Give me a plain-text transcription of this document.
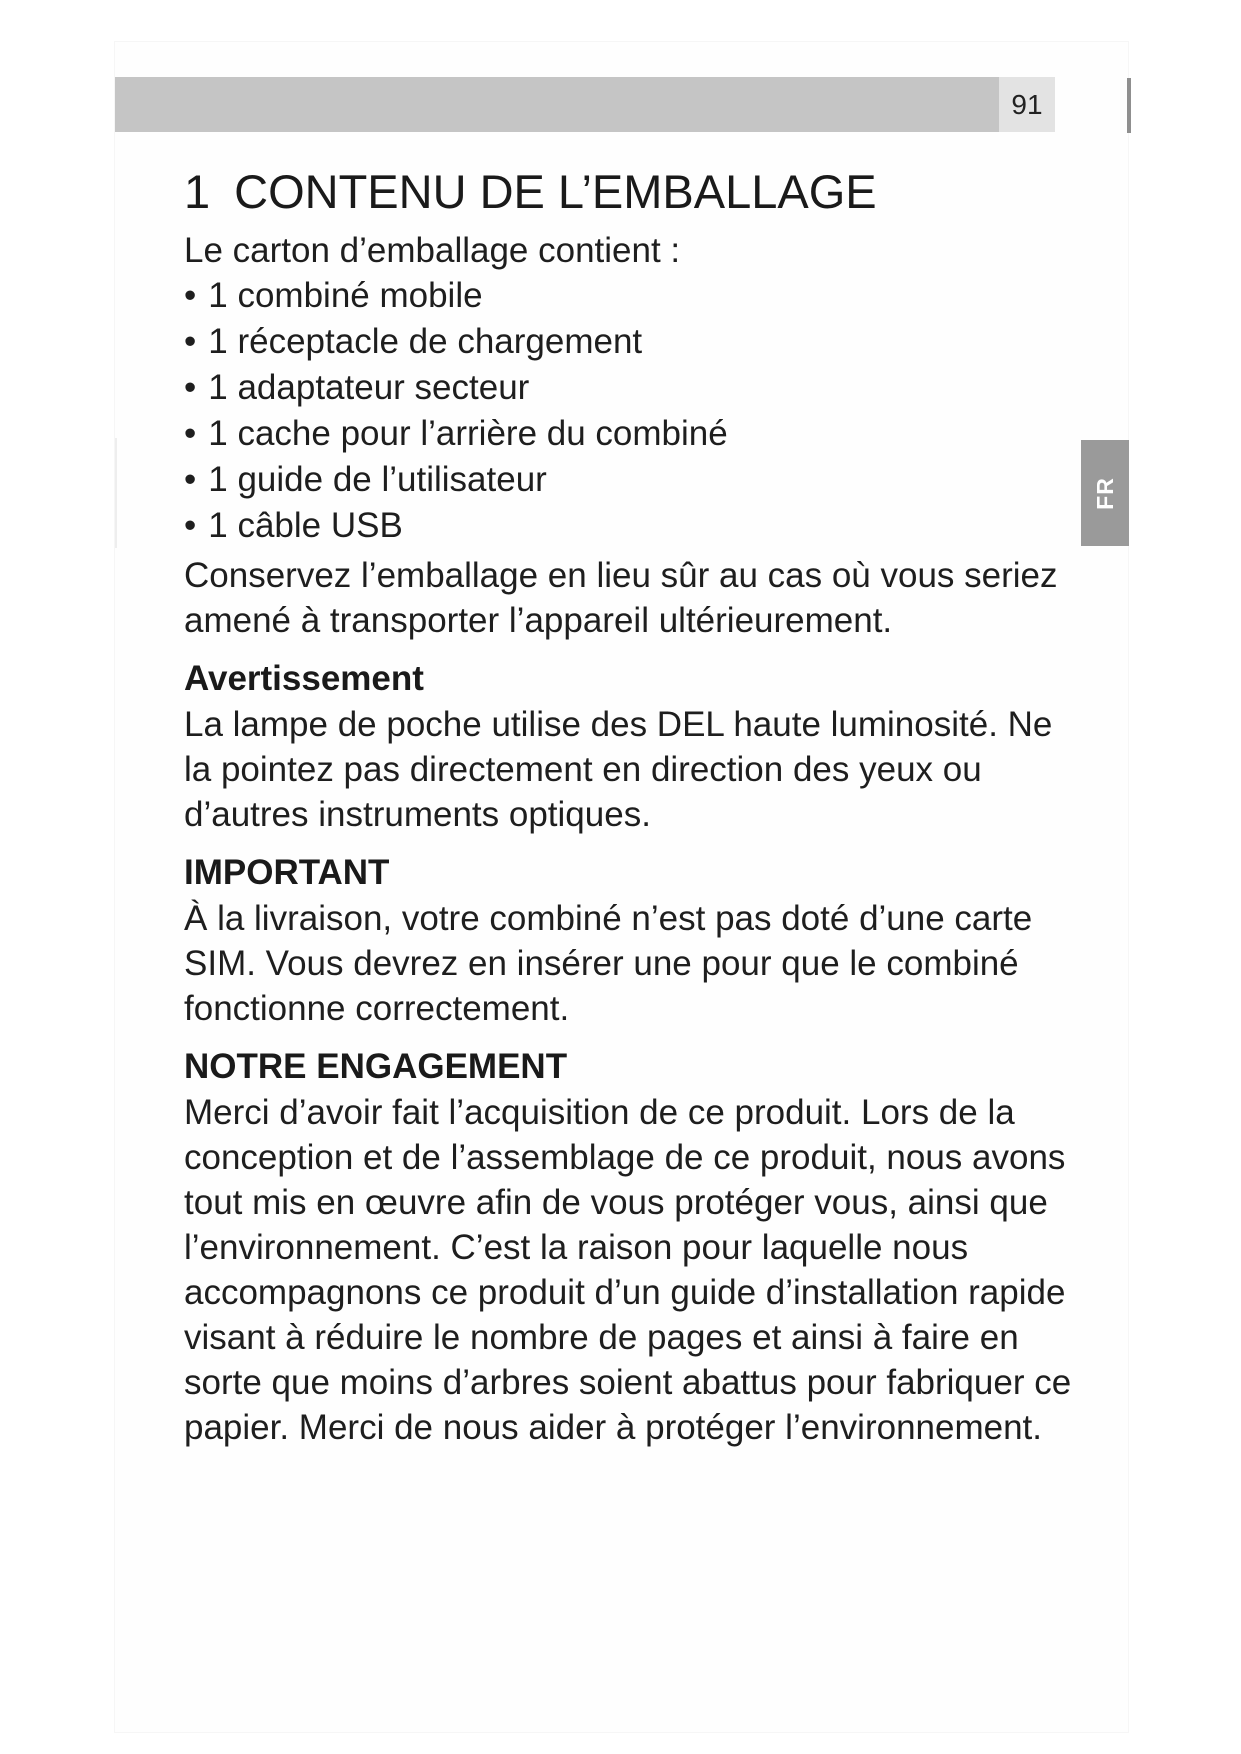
91
FR
1 CONTENU DE L’EMBALLAGE

Le carton d’emballage contient :

• 1 combiné mobile
• 1 réceptacle de chargement
• 1 adaptateur secteur
• 1 cache pour l’arrière du combiné
• 1 guide de l’utilisateur
• 1 câble USB

Conservez l’emballage en lieu sûr au cas où vous seriez amené à transporter l’appareil ultérieurement.

Avertissement

La lampe de poche utilise des DEL haute luminosité. Ne la pointez pas directement en direction des yeux ou d’autres instruments optiques.

IMPORTANT

À la livraison, votre combiné n’est pas doté d’une carte SIM. Vous devrez en insérer une pour que le combiné fonctionne correctement.

NOTRE ENGAGEMENT

Merci d’avoir fait l’acquisition de ce produit. Lors de la conception et de l’assemblage de ce produit, nous avons tout mis en œuvre afin de vous protéger vous, ainsi que l’environnement. C’est la raison pour laquelle nous accompagnons ce produit d’un guide d’installation rapide visant à réduire le nombre de pages et ainsi à faire en sorte que moins d’arbres soient abattus pour fabriquer ce papier. Merci de nous aider à protéger l’environnement.
